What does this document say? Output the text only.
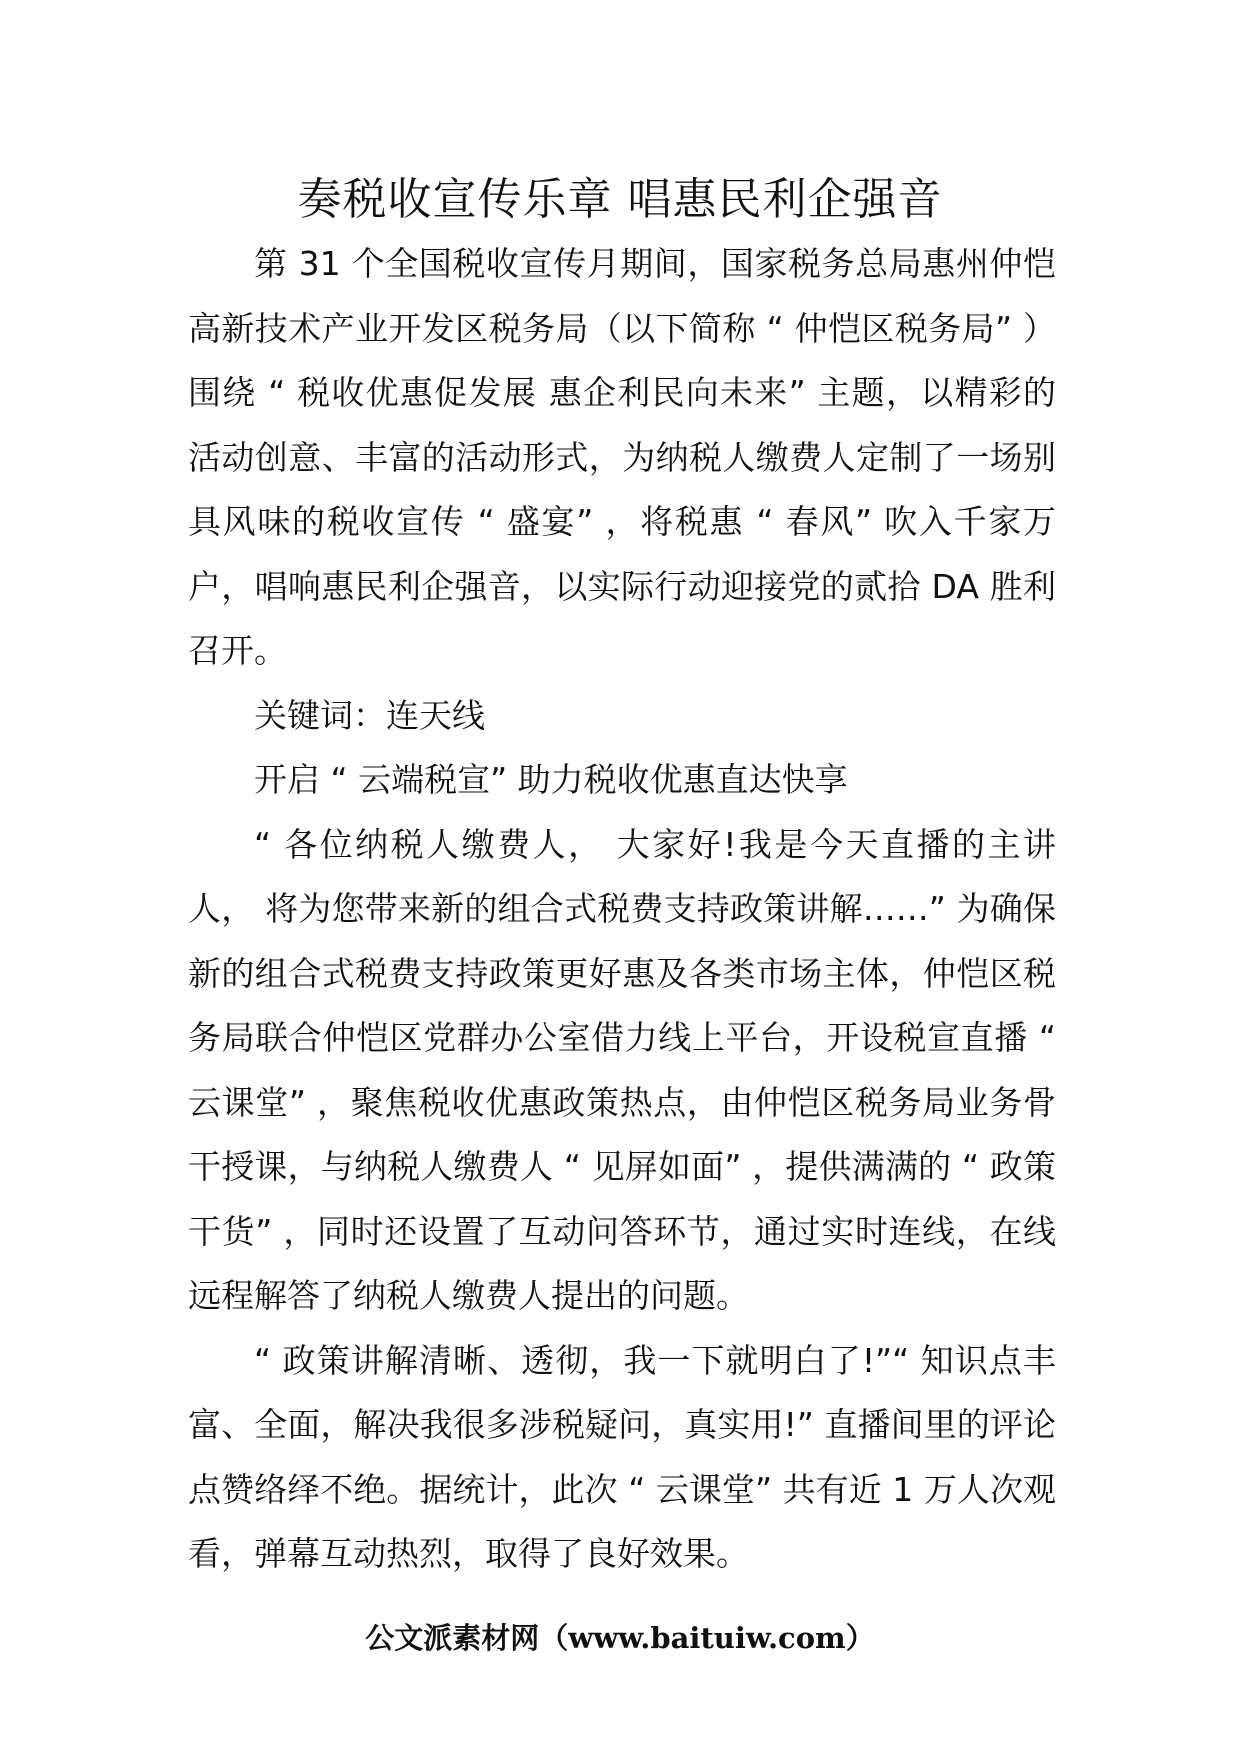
奏税收宣传乐章 唱惠民利企强音

第 31 个全国税收宣传月期间，国家税务总局惠州仲恺高新技术产业开发区税务局（以下简称 “ 仲恺区税务局” ）围绕 “ 税收优惠促发展 惠企利民向未来” 主题，以精彩的活动创意、丰富的活动形式，为纳税人缴费人定制了一场别具风味的税收宣传 “ 盛宴” ，将税惠 “ 春风” 吹入千家万户，唱响惠民利企强音，以实际行动迎接党的贰拾 DA 胜利召开。

关键词：连天线

开启 “ 云端税宣” 助力税收优惠直达快享

“ 各位纳税人缴费人， 大家好!我是今天直播的主讲人， 将为您带来新的组合式税费支持政策讲解……” 为确保新的组合式税费支持政策更好惠及各类市场主体，仲恺区税务局联合仲恺区党群办公室借力线上平台，开设税宣直播 “ 云课堂” ，聚焦税收优惠政策热点，由仲恺区税务局业务骨干授课，与纳税人缴费人 “ 见屏如面” ，提供满满的 “ 政策干货” ，同时还设置了互动问答环节，通过实时连线，在线远程解答了纳税人缴费人提出的问题。

“ 政策讲解清晰、透彻，我一下就明白了!”“ 知识点丰富、全面，解决我很多涉税疑问，真实用!” 直播间里的评论点赞络绎不绝。据统计，此次 “ 云课堂” 共有近 1 万人次观看，弹幕互动热烈，取得了良好效果。

公文派素材网（www.baituiw.com）
